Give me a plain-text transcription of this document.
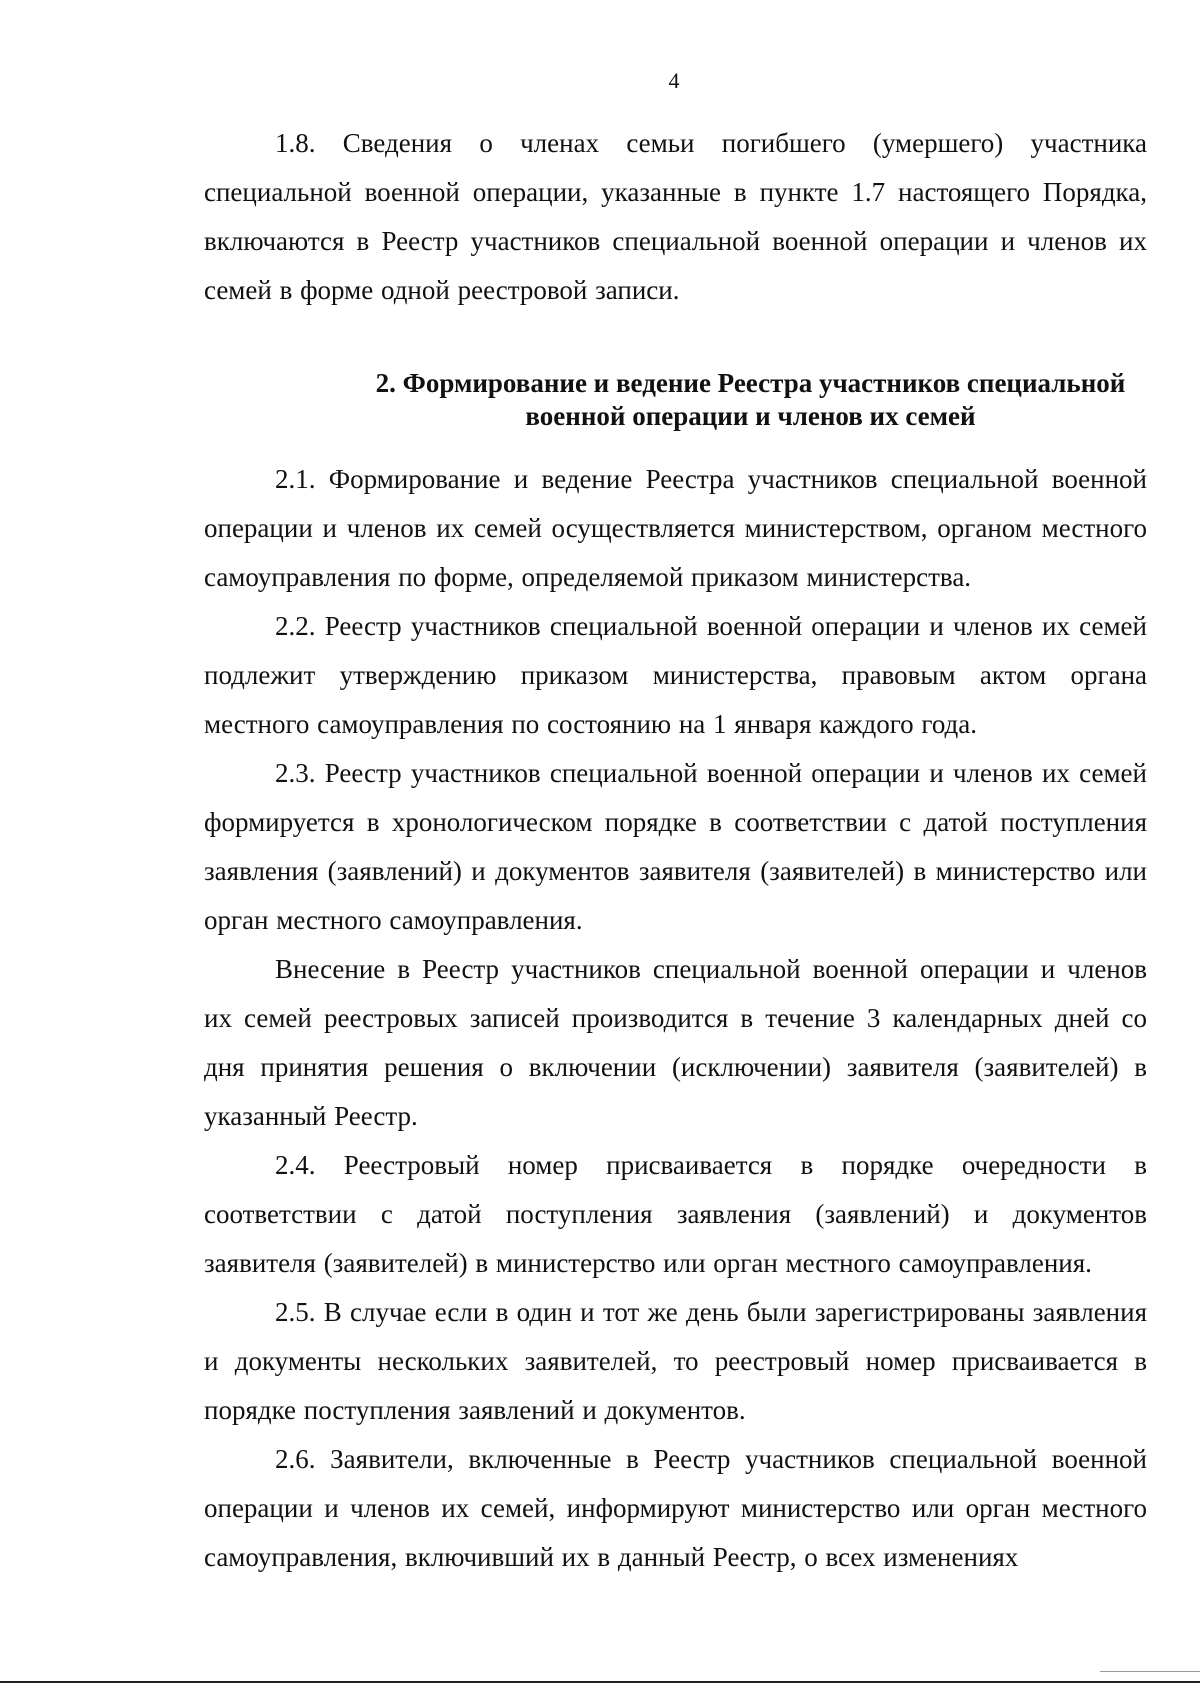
4

1.8. Сведения о членах семьи погибшего (умершего) участника специальной военной операции, указанные в пункте 1.7 настоящего Порядка, включаются в Реестр участников специальной военной операции и членов их семей в форме одной реестровой записи.

2. Формирование и ведение Реестра участников специальной
военной операции и членов их семей

2.1. Формирование и ведение Реестра участников специальной военной операции и членов их семей осуществляется министерством, органом местного самоуправления по форме, определяемой приказом министерства.

2.2. Реестр участников специальной военной операции и членов их семей подлежит утверждению приказом министерства, правовым актом органа местного самоуправления по состоянию на 1 января каждого года.

2.3. Реестр участников специальной военной операции и членов их семей формируется в хронологическом порядке в соответствии с датой поступления заявления (заявлений) и документов заявителя (заявителей) в министерство или орган местного самоуправления.

Внесение в Реестр участников специальной военной операции и членов их семей реестровых записей производится в течение 3 календарных дней со дня принятия решения о включении (исключении) заявителя (заявителей) в указанный Реестр.

2.4. Реестровый номер присваивается в порядке очередности в соответствии с датой поступления заявления (заявлений) и документов заявителя (заявителей) в министерство или орган местного самоуправления.

2.5. В случае если в один и тот же день были зарегистрированы заявления и документы нескольких заявителей, то реестровый номер присваивается в порядке поступления заявлений и документов.

2.6. Заявители, включенные в Реестр участников специальной военной операции и членов их семей, информируют министерство или орган местного самоуправления, включивший их в данный Реестр, о всех изменениях
